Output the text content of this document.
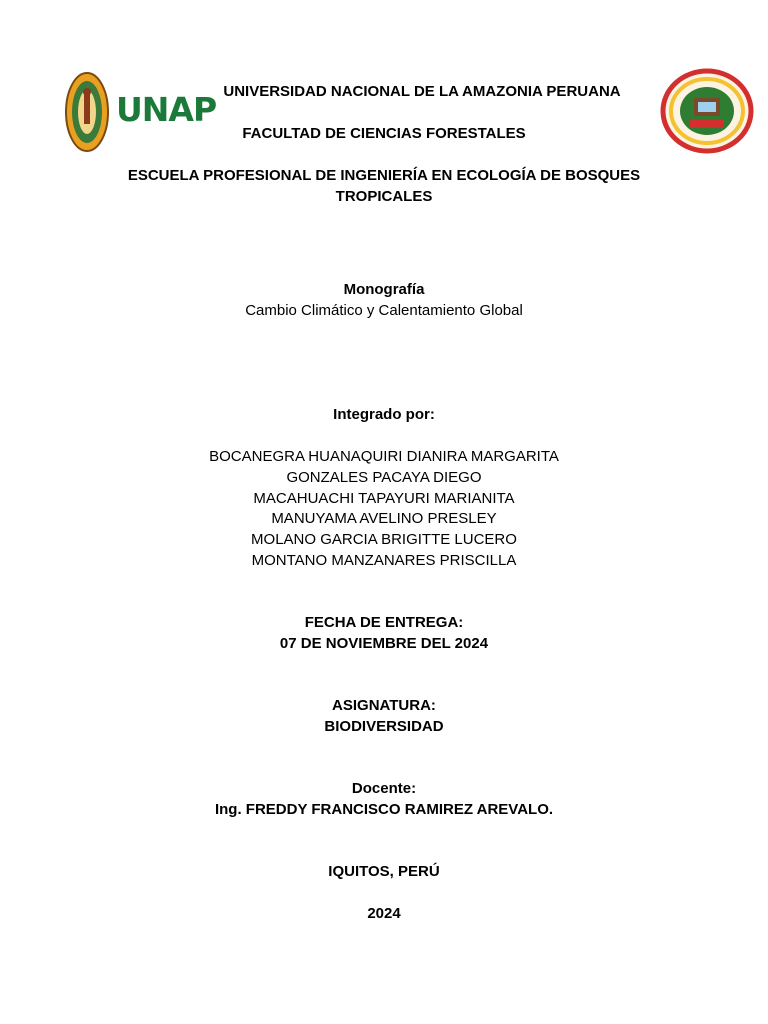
UNAP UNIVERSIDAD NACIONAL DE LA AMAZONIA PERUANA
FACULTAD DE CIENCIAS FORESTALES
ESCUELA PROFESIONAL DE INGENIERÍA EN ECOLOGÍA DE BOSQUES
TROPICALES
Monografía
Cambio Climático y Calentamiento Global
Integrado por:
BOCANEGRA HUANAQUIRI DIANIRA MARGARITA
GONZALES PACAYA DIEGO
MACAHUACHI TAPAYURI MARIANITA
MANUYAMA AVELINO PRESLEY
MOLANO GARCIA BRIGITTE LUCERO
MONTANO MANZANARES PRISCILLA
FECHA DE ENTREGA:
07 DE NOVIEMBRE DEL 2024
ASIGNATURA:
BIODIVERSIDAD
Docente:
Ing. FREDDY FRANCISCO RAMIREZ AREVALO.
IQUITOS, PERÚ
2024
